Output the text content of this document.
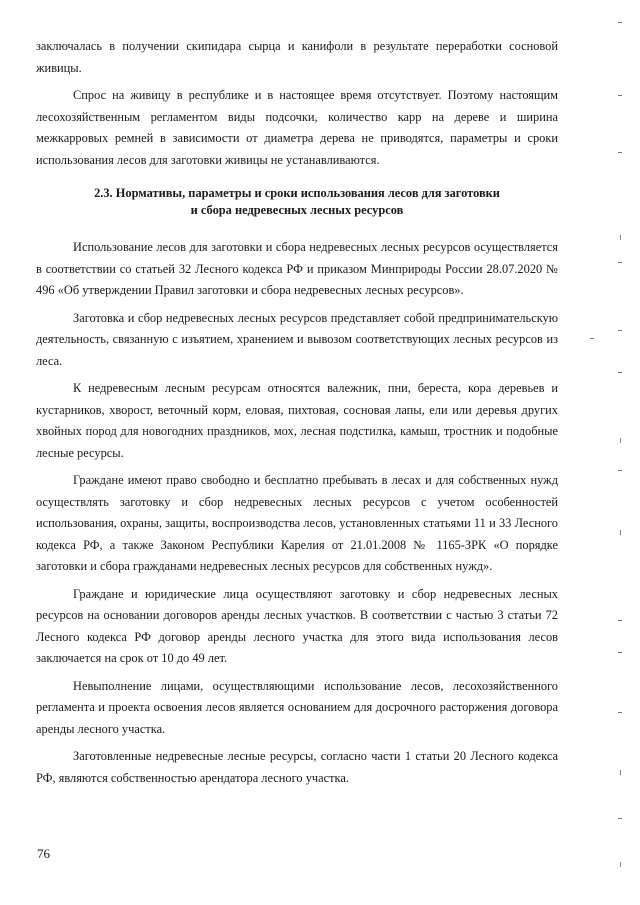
заключалась в получении скипидара сырца и канифоли в результате переработки сосновой живицы.

Спрос на живицу в республике и в настоящее время отсутствует. Поэтому настоящим лесохозяйственным регламентом виды подсочки, количество карр на дереве и ширина межкарровых ремней в зависимости от диаметра дерева не приводятся, параметры и сроки использования лесов для заготовки живицы не устанавливаются.

2.3. Нормативы, параметры и сроки использования лесов для заготовки
и сбора недревесных лесных ресурсов

Использование лесов для заготовки и сбора недревесных лесных ресурсов осуществляется в соответствии со статьей 32 Лесного кодекса РФ и приказом Минприроды России 28.07.2020 № 496 «Об утверждении Правил заготовки и сбора недревесных лесных ресурсов».

Заготовка и сбор недревесных лесных ресурсов представляет собой предпринимательскую деятельность, связанную с изъятием, хранением и вывозом соответствующих лесных ресурсов из леса.

К недревесным лесным ресурсам относятся валежник, пни, береста, кора деревьев и кустарников, хворост, веточный корм, еловая, пихтовая, сосновая лапы, ели или деревья других хвойных пород для новогодних праздников, мох, лесная подстилка, камыш, тростник и подобные лесные ресурсы.

Граждане имеют право свободно и бесплатно пребывать в лесах и для собственных нужд осуществлять заготовку и сбор недревесных лесных ресурсов с учетом особенностей использования, охраны, защиты, воспроизводства лесов, установленных статьями 11 и 33 Лесного кодекса РФ, а также Законом Республики Карелия от 21.01.2008 № 1165-ЗРК «О порядке заготовки и сбора гражданами недревесных лесных ресурсов для собственных нужд».

Граждане и юридические лица осуществляют заготовку и сбор недревесных лесных ресурсов на основании договоров аренды лесных участков. В соответствии с частью 3 статьи 72 Лесного кодекса РФ договор аренды лесного участка для этого вида использования лесов заключается на срок от 10 до 49 лет.

Невыполнение лицами, осуществляющими использование лесов, лесохозяйственного регламента и проекта освоения лесов является основанием для досрочного расторжения договора аренды лесного участка.

Заготовленные недревесные лесные ресурсы, согласно части 1 статьи 20 Лесного кодекса РФ, являются собственностью арендатора лесного участка.

76
